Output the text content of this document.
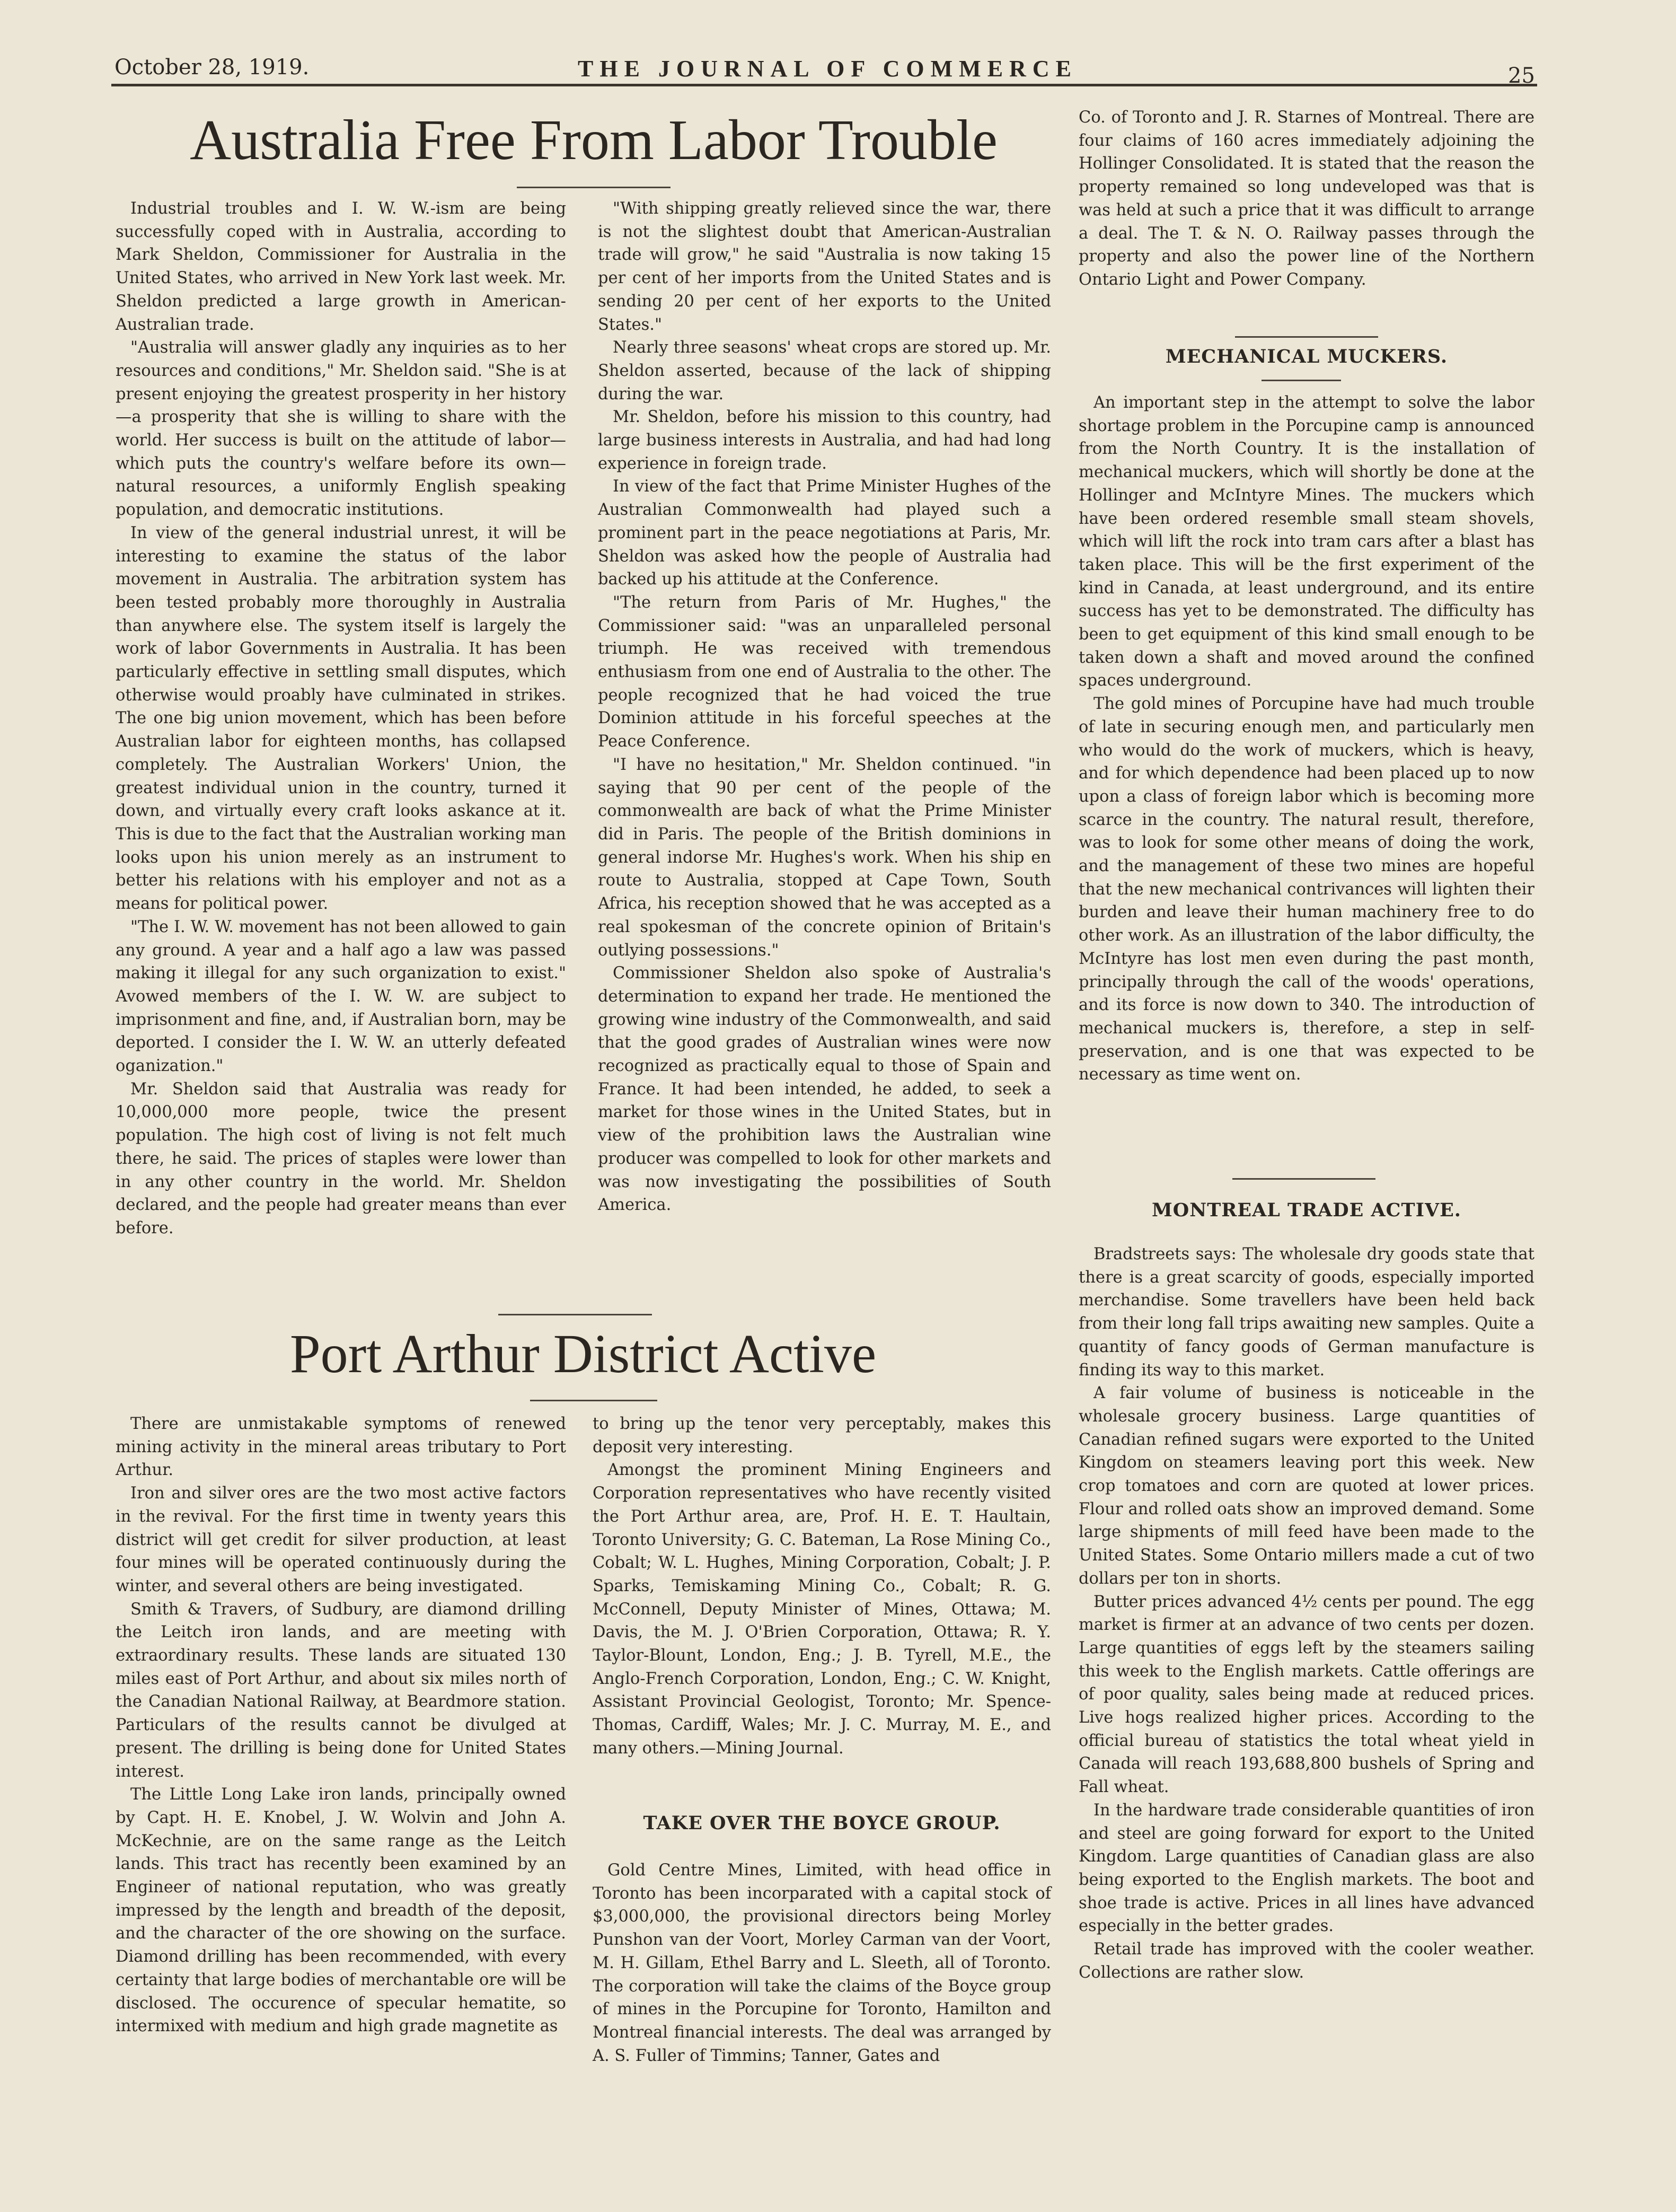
October 28, 1919.	THE JOURNAL OF COMMERCE	25
Australia Free From Labor Trouble

Industrial troubles and I. W. W.-ism are being successfully coped with in Australia, according to Mark Sheldon, Commissioner for Australia in the United States, who arrived in New York last week. Mr. Sheldon predicted a large growth in American-Australian trade.

"Australia will answer gladly any inquiries as to her resources and conditions," Mr. Sheldon said. "She is at present enjoying the greatest prosperity in her history—a prosperity that she is willing to share with the world. Her success is built on the attitude of labor—which puts the country's welfare before its own—natural resources, a uniformly English speaking population, and democratic institutions.

In view of the general industrial unrest, it will be interesting to examine the status of the labor movement in Australia. The arbitration system has been tested probably more thoroughly in Australia than anywhere else. The system itself is largely the work of labor Governments in Australia. It has been particularly effective in settling small disputes, which otherwise would proably have culminated in strikes. The one big union movement, which has been before Australian labor for eighteen months, has collapsed completely. The Australian Workers' Union, the greatest individual union in the country, turned it down, and virtually every craft looks askance at it. This is due to the fact that the Australian working man looks upon his union merely as an instrument to better his relations with his employer and not as a means for political power.

"The I. W. W. movement has not been allowed to gain any ground. A year and a half ago a law was passed making it illegal for any such organization to exist." Avowed members of the I. W. W. are subject to imprisonment and fine, and, if Australian born, may be deported. I consider the I. W. W. an utterly defeated oganization."

Mr. Sheldon said that Australia was ready for 10,000,000 more people, twice the present population. The high cost of living is not felt much there, he said. The prices of staples were lower than in any other country in the world. Mr. Sheldon declared, and the people had greater means than ever before.

"With shipping greatly relieved since the war, there is not the slightest doubt that American-Australian trade will grow," he said "Australia is now taking 15 per cent of her imports from the United States and is sending 20 per cent of her exports to the United States."

Nearly three seasons' wheat crops are stored up. Mr. Sheldon asserted, because of the lack of shipping during the war.

Mr. Sheldon, before his mission to this country, had large business interests in Australia, and had had long experience in foreign trade.

In view of the fact that Prime Minister Hughes of the Australian Commonwealth had played such a prominent part in the peace negotiations at Paris, Mr. Sheldon was asked how the people of Australia had backed up his attitude at the Conference.

"The return from Paris of Mr. Hughes," the Commissioner said: "was an unparalleled personal triumph. He was received with tremendous enthusiasm from one end of Australia to the other. The people recognized that he had voiced the true Dominion attitude in his forceful speeches at the Peace Conference.

"I have no hesitation," Mr. Sheldon continued. "in saying that 90 per cent of the people of the commonwealth are back of what the Prime Minister did in Paris. The people of the British dominions in general indorse Mr. Hughes's work. When his ship en route to Australia, stopped at Cape Town, South Africa, his reception showed that he was accepted as a real spokesman of the concrete opinion of Britain's outlying possessions."

Commissioner Sheldon also spoke of Australia's determination to expand her trade. He mentioned the growing wine industry of the Commonwealth, and said that the good grades of Australian wines were now recognized as practically equal to those of Spain and France. It had been intended, he added, to seek a market for those wines in the United States, but in view of the prohibition laws the Australian wine producer was compelled to look for other markets and was now investigating the possibilities of South America.

Port Arthur District Active

There are unmistakable symptoms of renewed mining activity in the mineral areas tributary to Port Arthur.

Iron and silver ores are the two most active factors in the revival. For the first time in twenty years this district will get credit for silver production, at least four mines will be operated continuously during the winter, and several others are being investigated.

Smith & Travers, of Sudbury, are diamond drilling the Leitch iron lands, and are meeting with extraordinary results. These lands are situated 130 miles east of Port Arthur, and about six miles north of the Canadian National Railway, at Beardmore station. Particulars of the results cannot be divulged at present. The drilling is being done for United States interest.

The Little Long Lake iron lands, principally owned by Capt. H. E. Knobel, J. W. Wolvin and John A. McKechnie, are on the same range as the Leitch lands. This tract has recently been examined by an Engineer of national reputation, who was greatly impressed by the length and breadth of the deposit, and the character of the ore showing on the surface. Diamond drilling has been recommended, with every certainty that large bodies of merchantable ore will be disclosed. The occurence of specular hematite, so intermixed with medium and high grade magnetite as

to bring up the tenor very perceptably, makes this deposit very interesting.

Amongst the prominent Mining Engineers and Corporation representatives who have recently visited the Port Arthur area, are, Prof. H. E. T. Haultain, Toronto University; G. C. Bateman, La Rose Mining Co., Cobalt; W. L. Hughes, Mining Corporation, Cobalt; J. P. Sparks, Temiskaming Mining Co., Cobalt; R. G. McConnell, Deputy Minister of Mines, Ottawa; M. Davis, the M. J. O'Brien Corporation, Ottawa; R. Y. Taylor-Blount, London, Eng.; J. B. Tyrell, M.E., the Anglo-French Corporation, London, Eng.; C. W. Knight, Assistant Provincial Geologist, Toronto; Mr. Spence-Thomas, Cardiff, Wales; Mr. J. C. Murray, M. E., and many others.—Mining Journal.

TAKE OVER THE BOYCE GROUP.

Gold Centre Mines, Limited, with head office in Toronto has been incorparated with a capital stock of $3,000,000, the provisional directors being Morley Punshon van der Voort, Morley Carman van der Voort, M. H. Gillam, Ethel Barry and L. Sleeth, all of Toronto. The corporation will take the claims of the Boyce group of mines in the Porcupine for Toronto, Hamilton and Montreal financial interests. The deal was arranged by A. S. Fuller of Timmins; Tanner, Gates and

Co. of Toronto and J. R. Starnes of Montreal. There are four claims of 160 acres immediately adjoining the Hollinger Consolidated. It is stated that the reason the property remained so long undeveloped was that is was held at such a price that it was difficult to arrange a deal. The T. & N. O. Railway passes through the property and also the power line of the Northern Ontario Light and Power Company.

MECHANICAL MUCKERS.

An important step in the attempt to solve the labor shortage problem in the Porcupine camp is announced from the North Country. It is the installation of mechanical muckers, which will shortly be done at the Hollinger and McIntyre Mines. The muckers which have been ordered resemble small steam shovels, which will lift the rock into tram cars after a blast has taken place. This will be the first experiment of the kind in Canada, at least underground, and its entire success has yet to be demonstrated. The difficulty has been to get equipment of this kind small enough to be taken down a shaft and moved around the confined spaces underground.

The gold mines of Porcupine have had much trouble of late in securing enough men, and particularly men who would do the work of muckers, which is heavy, and for which dependence had been placed up to now upon a class of foreign labor which is becoming more scarce in the country. The natural result, therefore, was to look for some other means of doing the work, and the management of these two mines are hopeful that the new mechanical contrivances will lighten their burden and leave their human machinery free to do other work. As an illustration of the labor difficulty, the McIntyre has lost men even during the past month, principally through the call of the woods' operations, and its force is now down to 340. The introduction of mechanical muckers is, therefore, a step in self-preservation, and is one that was expected to be necessary as time went on.

MONTREAL TRADE ACTIVE.

Bradstreets says: The wholesale dry goods state that there is a great scarcity of goods, especially imported merchandise. Some travellers have been held back from their long fall trips awaiting new samples. Quite a quantity of fancy goods of German manufacture is finding its way to this market.

A fair volume of business is noticeable in the wholesale grocery business. Large quantities of Canadian refined sugars were exported to the United Kingdom on steamers leaving port this week. New crop tomatoes and corn are quoted at lower prices. Flour and rolled oats show an improved demand. Some large shipments of mill feed have been made to the United States. Some Ontario millers made a cut of two dollars per ton in shorts.

Butter prices advanced 4½ cents per pound. The egg market is firmer at an advance of two cents per dozen. Large quantities of eggs left by the steamers sailing this week to the English markets. Cattle offerings are of poor quality, sales being made at reduced prices. Live hogs realized higher prices. According to the official bureau of statistics the total wheat yield in Canada will reach 193,688,800 bushels of Spring and Fall wheat.

In the hardware trade considerable quantities of iron and steel are going forward for export to the United Kingdom. Large quantities of Canadian glass are also being exported to the English markets. The boot and shoe trade is active. Prices in all lines have advanced especially in the better grades.

Retail trade has improved with the cooler weather. Collections are rather slow.
